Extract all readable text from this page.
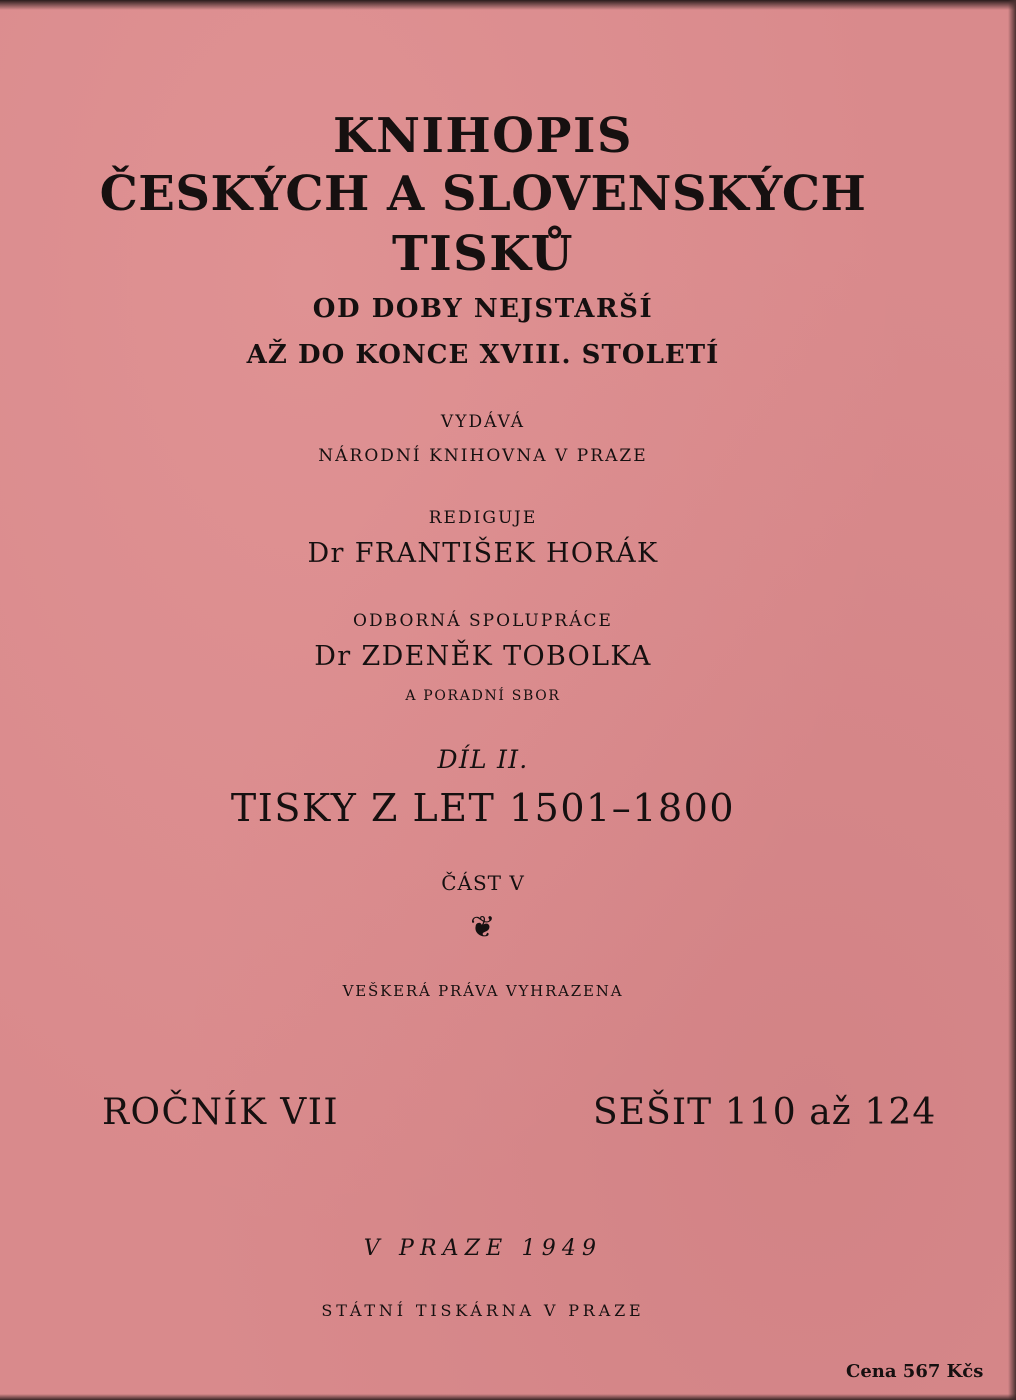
KNIHOPIS
ČESKÝCH A SLOVENSKÝCH
TISKŮ
OD DOBY NEJSTARŠÍ
AŽ DO KONCE XVIII. STOLETÍ
VYDÁVÁ
NÁRODNÍ KNIHOVNA V PRAZE
REDIGUJE
Dr FRANTIŠEK HORÁK
ODBORNÁ SPOLUPRÁCE
Dr ZDENĚK TOBOLKA
A PORADNÍ SBOR
DÍL II.
TISKY Z LET 1501–1800
ČÁST V
❦
VEŠKERÁ PRÁVA VYHRAZENA
ROČNÍK VII	SEŠIT 110 až 124
V PRAZE 1949
STÁTNÍ TISKÁRNA V PRAZE
Cena 567 Kčs
